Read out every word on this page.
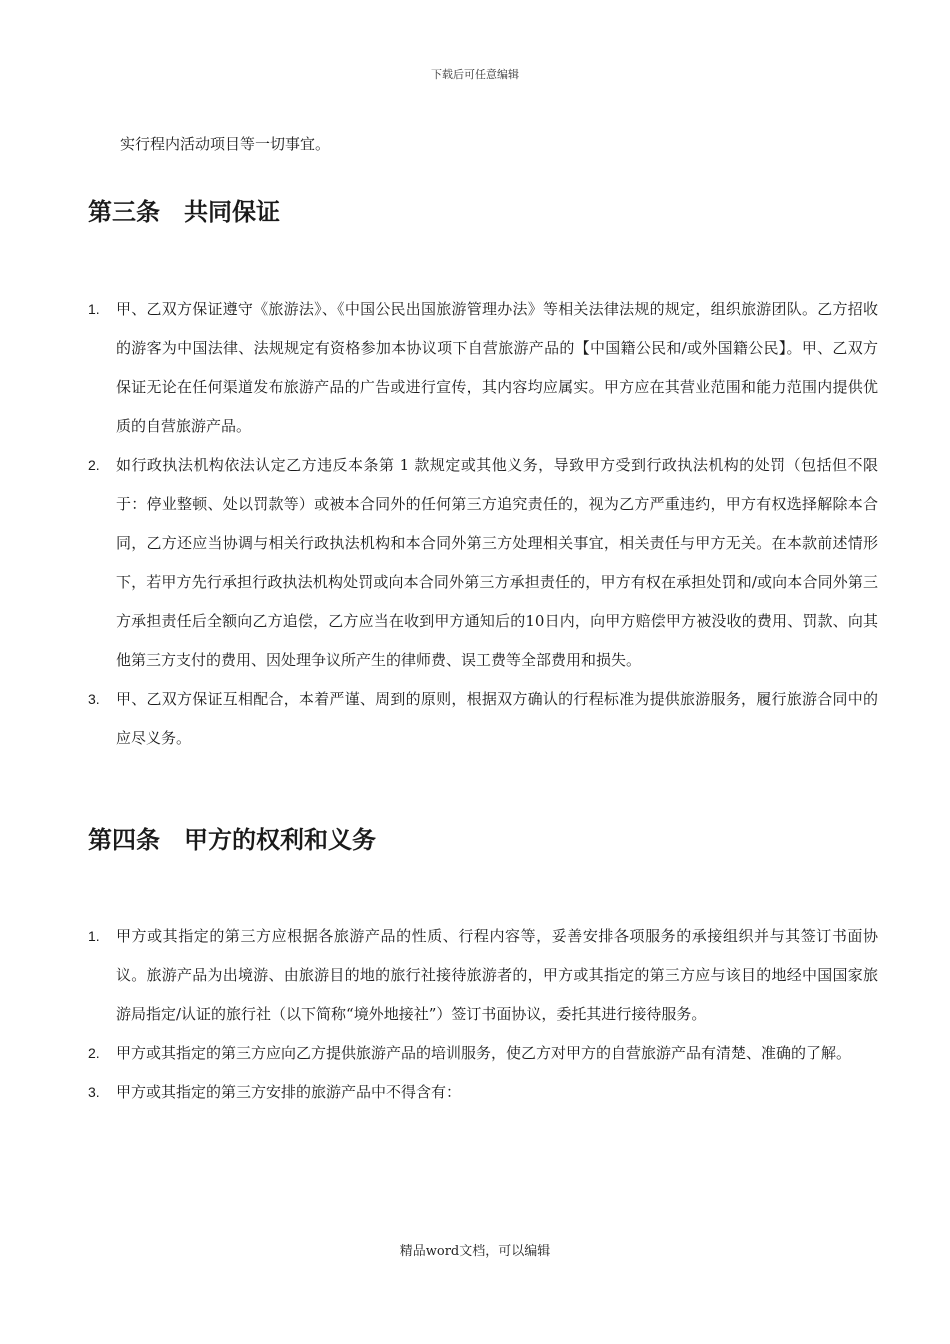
下载后可任意编辑
实行程内活动项目等一切事宜。
第三条 共同保证
1. 甲、乙双方保证遵守《旅游法》、《中国公民出国旅游管理办法》等相关法律法规的规定，组织旅游团队。乙方招收的游客为中国法律、法规规定有资格参加本协议项下自营旅游产品的【中国籍公民和/或外国籍公民】。甲、乙双方保证无论在任何渠道发布旅游产品的广告或进行宣传，其内容均应属实。甲方应在其营业范围和能力范围内提供优质的自营旅游产品。
2. 如行政执法机构依法认定乙方违反本条第 1 款规定或其他义务，导致甲方受到行政执法机构的处罚（包括但不限于：停业整顿、处以罚款等）或被本合同外的任何第三方追究责任的，视为乙方严重违约，甲方有权选择解除本合同，乙方还应当协调与相关行政执法机构和本合同外第三方处理相关事宜，相关责任与甲方无关。在本款前述情形下，若甲方先行承担行政执法机构处罚或向本合同外第三方承担责任的，甲方有权在承担处罚和/或向本合同外第三方承担责任后全额向乙方追偿，乙方应当在收到甲方通知后的10日内，向甲方赔偿甲方被没收的费用、罚款、向其他第三方支付的费用、因处理争议所产生的律师费、误工费等全部费用和损失。
3. 甲、乙双方保证互相配合，本着严谨、周到的原则，根据双方确认的行程标准为提供旅游服务，履行旅游合同中的应尽义务。
第四条 甲方的权利和义务
1. 甲方或其指定的第三方应根据各旅游产品的性质、行程内容等，妥善安排各项服务的承接组织并与其签订书面协议。旅游产品为出境游、由旅游目的地的旅行社接待旅游者的，甲方或其指定的第三方应与该目的地经中国国家旅游局指定/认证的旅行社（以下简称“境外地接社”）签订书面协议，委托其进行接待服务。
2. 甲方或其指定的第三方应向乙方提供旅游产品的培训服务，使乙方对甲方的自营旅游产品有清楚、准确的了解。
3. 甲方或其指定的第三方安排的旅游产品中不得含有：
精品word文档，可以编辑
